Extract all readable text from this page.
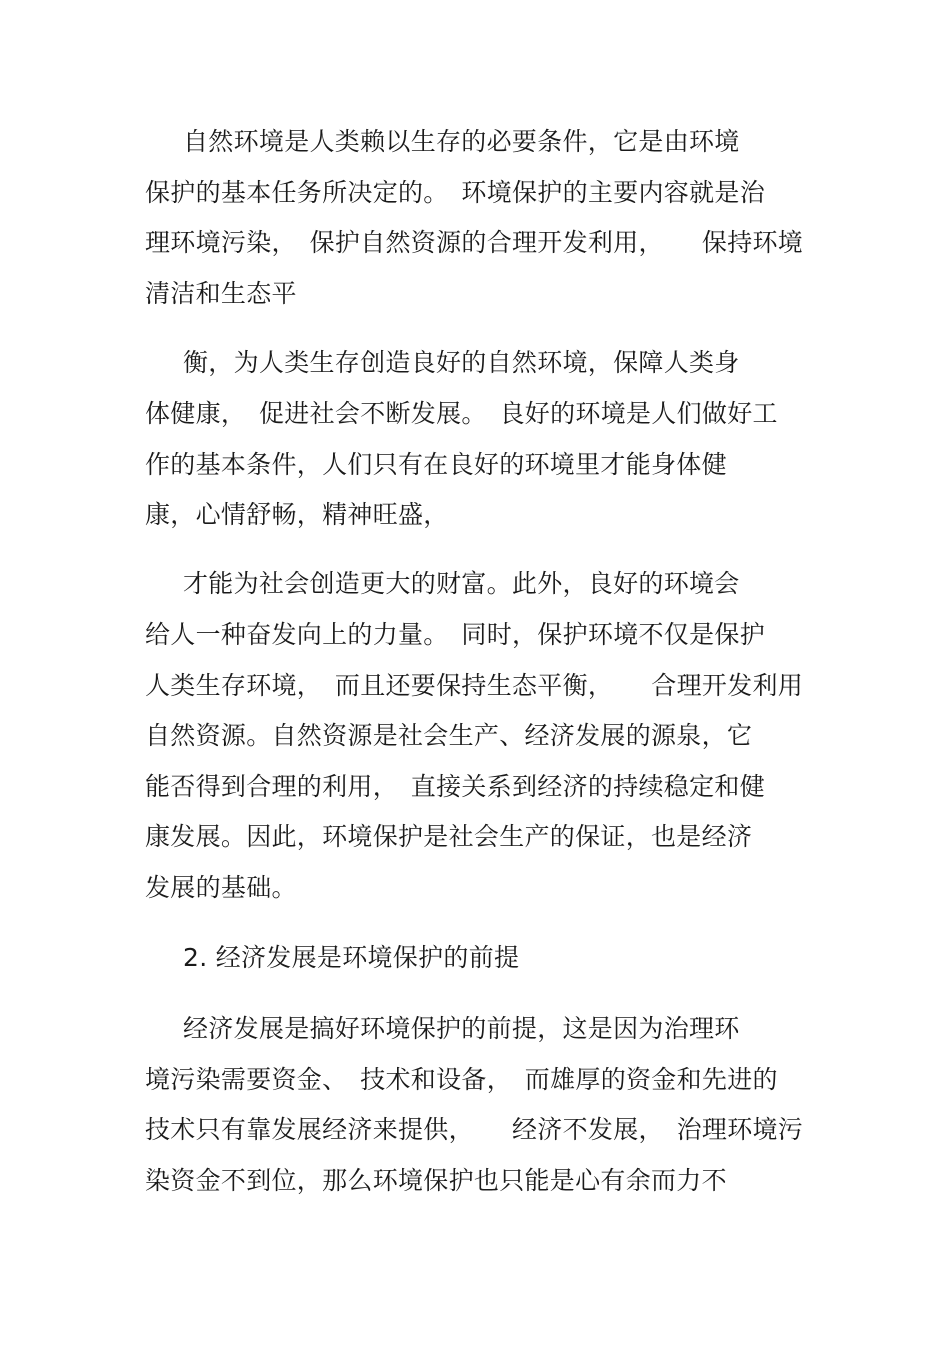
自然环境是人类赖以生存的必要条件，它是由环境
保护的基本任务所决定的。　环境保护的主要内容就是治
理环境污染，　保护自然资源的合理开发利用，　　保持环境
清洁和生态平
衡，为人类生存创造良好的自然环境，保障人类身
体健康，　促进社会不断发展。　良好的环境是人们做好工
作的基本条件，人们只有在良好的环境里才能身体健
康，心情舒畅，精神旺盛，
才能为社会创造更大的财富。此外，良好的环境会
给人一种奋发向上的力量。　同时，保护环境不仅是保护
人类生存环境，　而且还要保持生态平衡，　　合理开发利用
自然资源。自然资源是社会生产、经济发展的源泉，它
能否得到合理的利用，　直接关系到经济的持续稳定和健
康发展。因此，环境保护是社会生产的保证，也是经济
发展的基础。
2. 经济发展是环境保护的前提
经济发展是搞好环境保护的前提，这是因为治理环
境污染需要资金、　技术和设备，　而雄厚的资金和先进的
技术只有靠发展经济来提供，　　经济不发展，　治理环境污
染资金不到位，那么环境保护也只能是心有余而力不
